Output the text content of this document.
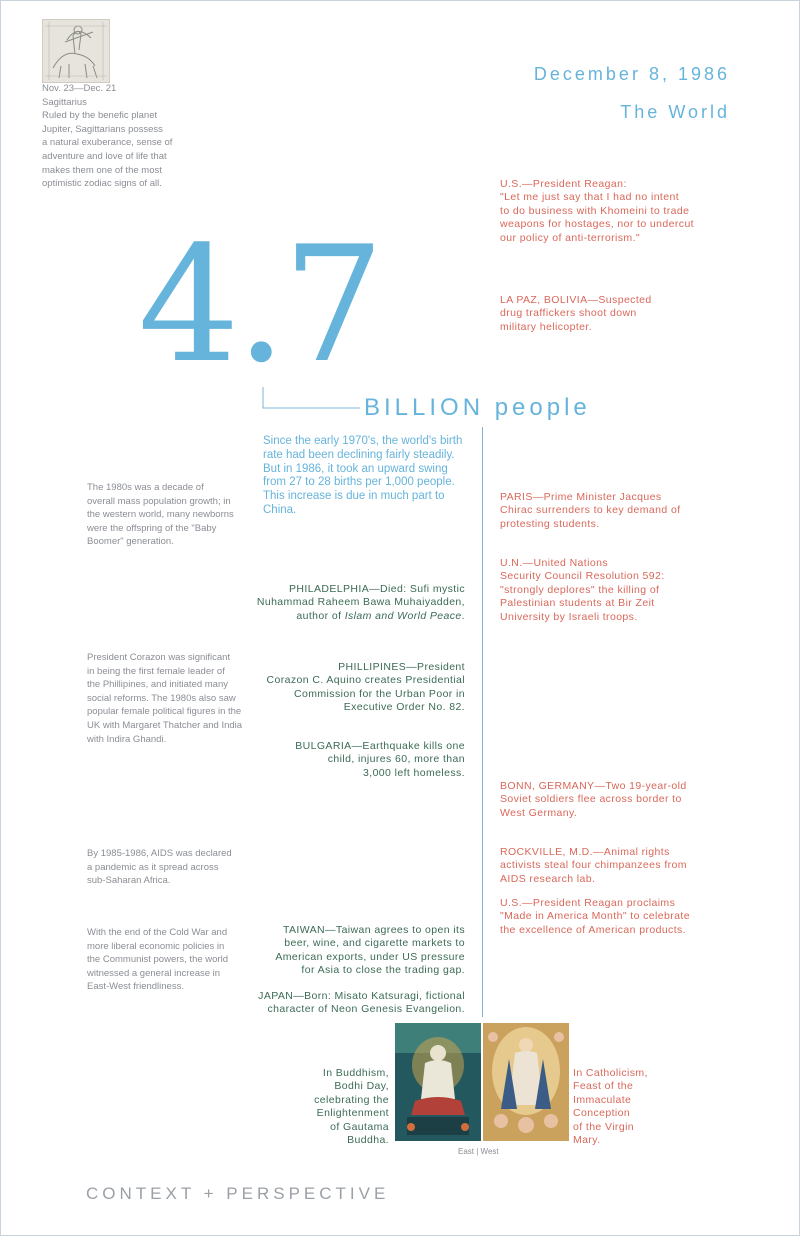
Nov. 23—Dec. 21
Sagittarius
Ruled by the benefic planet
Jupiter, Sagittarians possess
a natural exuberance, sense of
adventure and love of life that
makes them one of the most
optimistic zodiac signs of all.
December 8, 1986
The World
4.7
BILLION people
Since the early 1970's, the world's birth rate had been declining fairly steadily. But in 1986, it took an upward swing from 27 to 28 births per 1,000 people. This increase is due in much part to China.
The 1980s was a decade of
overall mass population growth; in
the western world, many newborns
were the offspring of the "Baby
Boomer" generation.
President Corazon was significant
in being the first female leader of
the Phillipines, and initiated many
social reforms. The 1980s also saw
popular female political figures in the
UK with Margaret Thatcher and India
with Indira Ghandi.
By 1985-1986, AIDS was declared
a pandemic as it spread across
sub-Saharan Africa.
With the end of the Cold War and
more liberal economic policies in
the Communist powers, the world
witnessed a general increase in
East-West friendliness.
U.S.—President Reagan:
"Let me just say that I had no intent
to do business with Khomeini to trade
weapons for hostages, nor to undercut
our policy of anti-terrorism."
LA PAZ, BOLIVIA—Suspected
drug traffickers shoot down
military helicopter.
PARIS—Prime Minister Jacques
Chirac surrenders to key demand of
protesting students.
U.N.—United Nations
Security Council Resolution 592:
"strongly deplores" the killing of
Palestinian students at Bir Zeit
University by Israeli troops.
BONN, GERMANY—Two 19-year-old
Soviet soldiers flee across border to
West Germany.
ROCKVILLE, M.D.—Animal rights
activists steal four chimpanzees from
AIDS research lab.
U.S.—President Reagan proclaims
"Made in America Month" to celebrate
the excellence of American products.
PHILADELPHIA—Died: Sufi mystic
Nuhammad Raheem Bawa Muhaiyadden,
author of Islam and World Peace.
PHILLIPINES—President
Corazon C. Aquino creates Presidential
Commission for the Urban Poor in
Executive Order No. 82.
BULGARIA—Earthquake kills one
child, injures 60, more than
3,000 left homeless.
TAIWAN—Taiwan agrees to open its
beer, wine, and cigarette markets to
American exports, under US pressure
for Asia to close the trading gap.
JAPAN—Born: Misato Katsuragi, fictional
character of Neon Genesis Evangelion.
In Buddhism,
Bodhi Day,
celebrating the
Enlightenment
of Gautama
Buddha.
In Catholicism,
Feast of the
Immaculate
Conception
of the Virgin
Mary.
East | West
CONTEXT + PERSPECTIVE
